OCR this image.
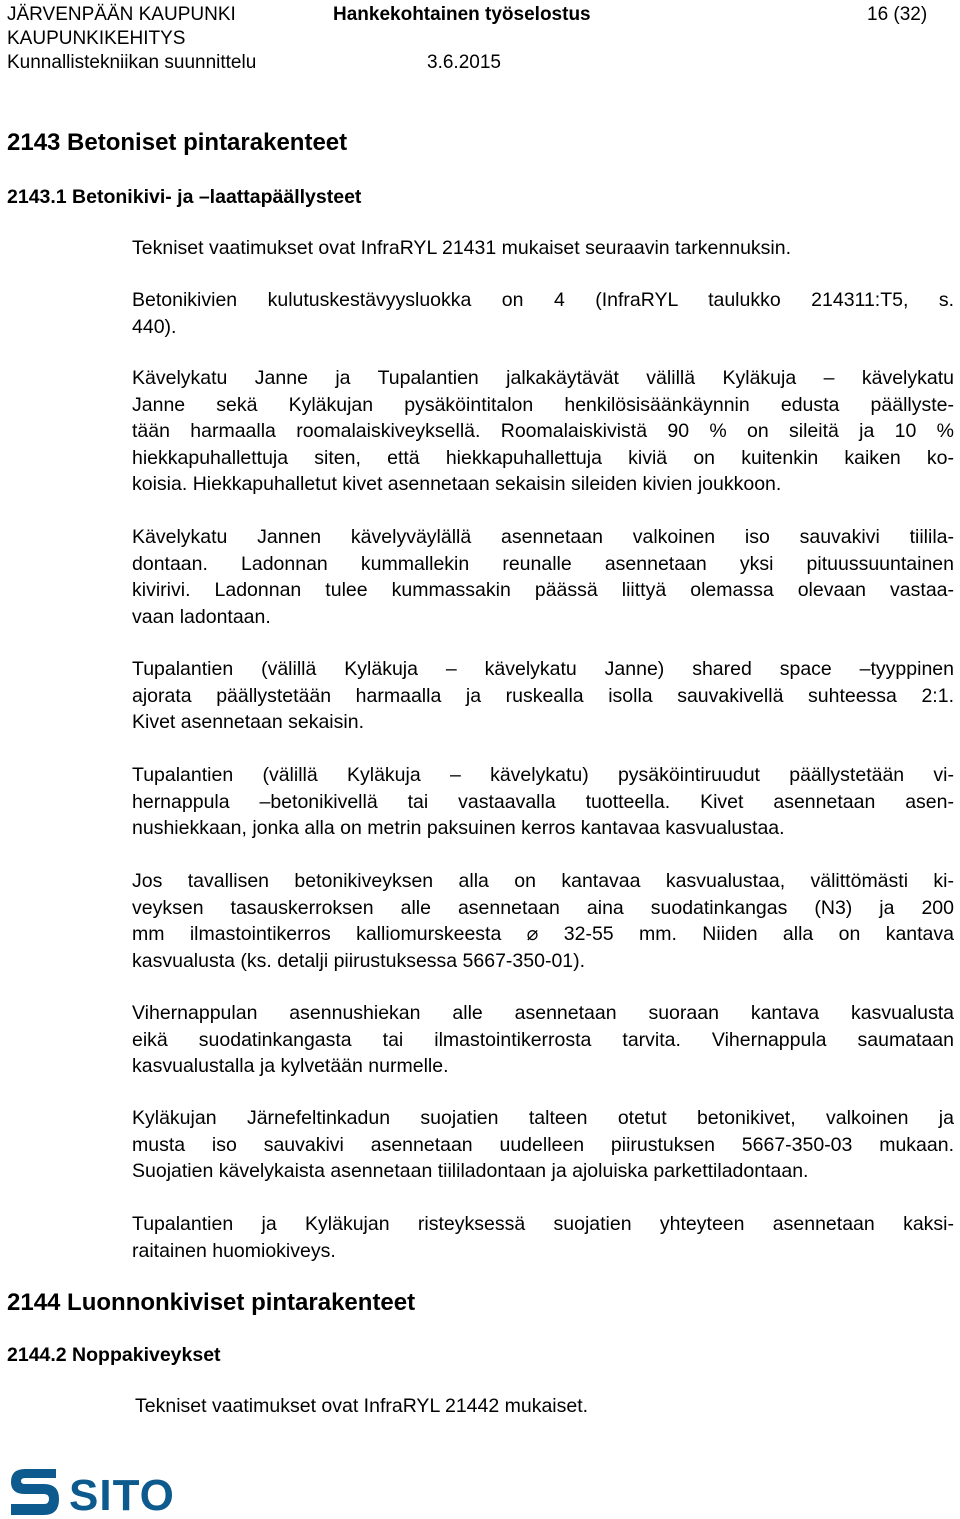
JÄRVENPÄÄN KAUPUNKI
KAUPUNKIKEHITYS
Kunnallistekniikan suunnittelu
Hankekohtainen työselostus
3.6.2015
16 (32)
2143 Betoniset pintarakenteet
2143.1 Betonikivi- ja –laattapäällysteet
Tekniset vaatimukset ovat InfraRYL 21431 mukaiset seuraavin tarkennuksin.
Betonikivien kulutuskestävyysluokka on 4 (InfraRYL taulukko 214311:T5, s.
440).
Kävelykatu Janne ja Tupalantien jalkakäytävät välillä Kyläkuja – kävelykatu
Janne sekä Kyläkujan pysäköintitalon henkilösisäänkäynnin edusta päällyste-
tään harmaalla roomalaiskiveyksellä. Roomalaiskivistä 90 % on sileitä ja 10 %
hiekkapuhallettuja siten, että hiekkapuhallettuja kiviä on kuitenkin kaiken ko-
koisia. Hiekkapuhalletut kivet asennetaan sekaisin sileiden kivien joukkoon.
Kävelykatu Jannen kävelyväylällä asennetaan valkoinen iso sauvakivi tiilila-
dontaan. Ladonnan kummallekin reunalle asennetaan yksi pituussuuntainen
kivirivi. Ladonnan tulee kummassakin päässä liittyä olemassa olevaan vastaa-
vaan ladontaan.
Tupalantien (välillä Kyläkuja – kävelykatu Janne) shared space –tyyppinen
ajorata päällystetään harmaalla ja ruskealla isolla sauvakivellä suhteessa 2:1.
Kivet asennetaan sekaisin.
Tupalantien (välillä Kyläkuja – kävelykatu) pysäköintiruudut päällystetään vi-
hernappula –betonikivellä tai vastaavalla tuotteella. Kivet asennetaan asen-
nushiekkaan, jonka alla on metrin paksuinen kerros kantavaa kasvualustaa.
Jos tavallisen betonikiveyksen alla on kantavaa kasvualustaa, välittömästi ki-
veyksen tasauskerroksen alle asennetaan aina suodatinkangas (N3) ja 200
mm ilmastointikerros kalliomurskeesta ⌀ 32-55 mm. Niiden alla on kantava
kasvualusta (ks. detalji piirustuksessa 5667-350-01).
Vihernappulan asennushiekan alle asennetaan suoraan kantava kasvualusta
eikä suodatinkangasta tai ilmastointikerrosta tarvita. Vihernappula saumataan
kasvualustalla ja kylvetään nurmelle.
Kyläkujan Järnefeltinkadun suojatien talteen otetut betonikivet, valkoinen ja
musta iso sauvakivi asennetaan uudelleen piirustuksen 5667-350-03 mukaan.
Suojatien kävelykaista asennetaan tiililadontaan ja ajoluiska parkettiladontaan.
Tupalantien ja Kyläkujan risteyksessä suojatien yhteyteen asennetaan kaksi-
raitainen huomiokiveys.
2144 Luonnonkiviset pintarakenteet
2144.2 Noppakiveykset
Tekniset vaatimukset ovat InfraRYL 21442 mukaiset.
SITO
